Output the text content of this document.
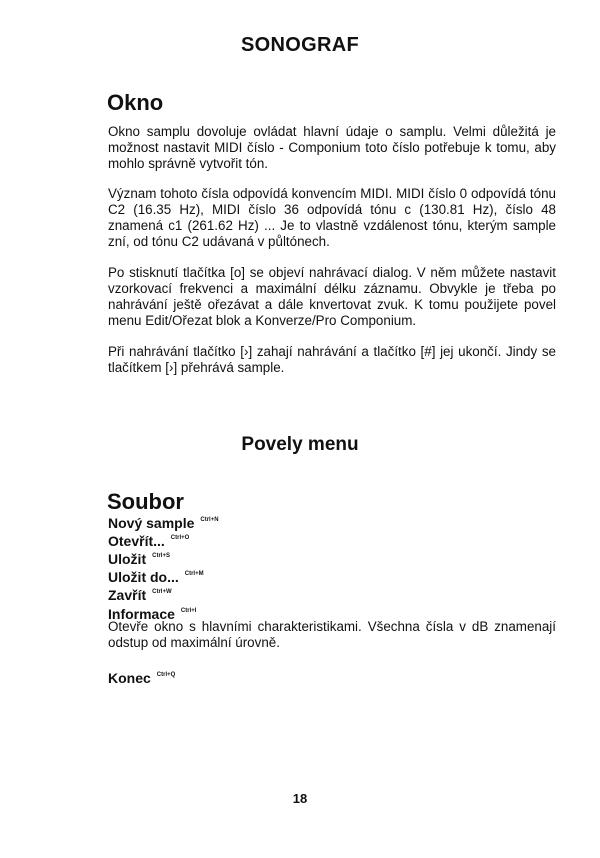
SONOGRAF
Okno

Okno samplu dovoluje ovládat hlavní údaje o samplu. Velmi důležitá je možnost nastavit MIDI číslo - Componium toto číslo potřebuje k tomu, aby mohlo správně vytvořit tón.

Význam tohoto čísla odpovídá konvencím MIDI. MIDI číslo 0 odpovídá tónu C2 (16.35 Hz), MIDI číslo 36 odpovídá tónu c (130.81 Hz), číslo 48 znamená c1 (261.62 Hz) ... Je to vlastně vzdálenost tónu, kterým sample zní, od tónu C2 udávaná v půltónech.

Po stisknutí tlačítka [o] se objeví nahrávací dialog. V něm můžete nastavit vzorkovací frekvenci a maximální délku záznamu. Obvykle je třeba po nahrávání ještě ořezávat a dále knvertovat zvuk. K tomu použijete povel menu Edit/Ořezat blok a Konverze/Pro Componium.

Při nahrávání tlačítko [›] zahají nahrávání a tlačítko [#] jej ukončí. Jindy se tlačítkem [›] přehrává sample.

Povely menu
Soubor
Nový sample $^{Ctrl+N}$
Otevřít... $^{Ctrl+O}$
Uložit $^{Ctrl+S}$
Uložit do... $^{Ctrl+M}$
Zavřít $^{Ctrl+W}$
Informace $^{Ctrl+I}$

Otevře okno s hlavními charakteristikami. Všechna čísla v dB znamenají odstup od maximální úrovně.

Konec $^{Ctrl+Q}$
18
